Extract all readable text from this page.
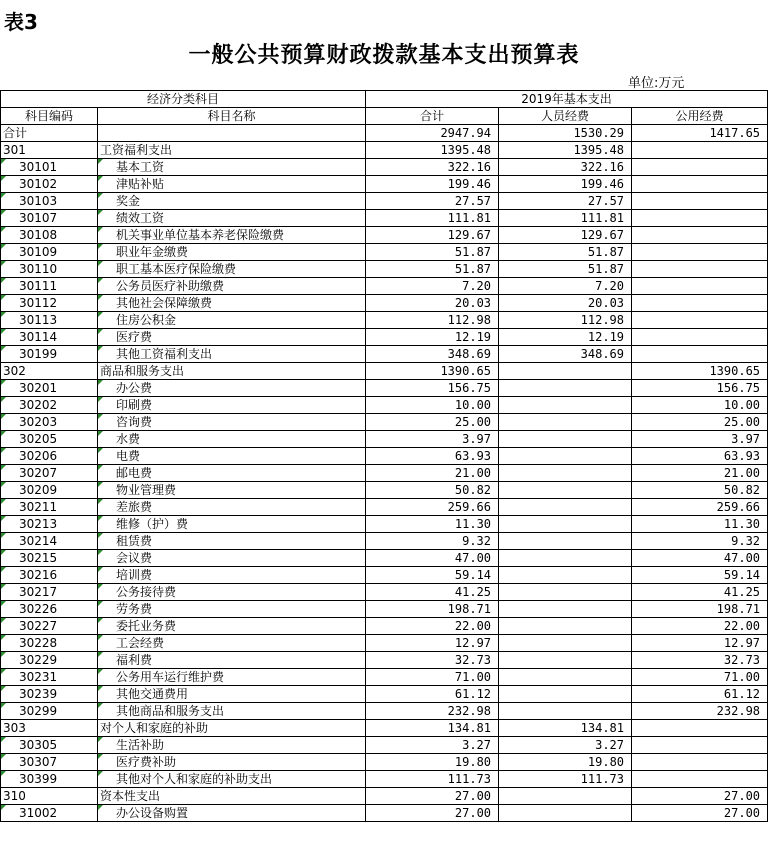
表3
一般公共预算财政拨款基本支出预算表
单位:万元
经济分类科目		2019年基本支出		
科目编码	科目名称	合计	人员经费	公用经费
合计		2947.94	1530.29	1417.65
301	工资福利支出	1395.48	1395.48	
30101	基本工资	322.16	322.16	
30102	津贴补贴	199.46	199.46	
30103	奖金	27.57	27.57	
30107	绩效工资	111.81	111.81	
30108	机关事业单位基本养老保险缴费	129.67	129.67	
30109	职业年金缴费	51.87	51.87	
30110	职工基本医疗保险缴费	51.87	51.87	
30111	公务员医疗补助缴费	7.20	7.20	
30112	其他社会保障缴费	20.03	20.03	
30113	住房公积金	112.98	112.98	
30114	医疗费	12.19	12.19	
30199	其他工资福利支出	348.69	348.69	
302	商品和服务支出	1390.65		1390.65
30201	办公费	156.75		156.75
30202	印刷费	10.00		10.00
30203	咨询费	25.00		25.00
30205	水费	3.97		3.97
30206	电费	63.93		63.93
30207	邮电费	21.00		21.00
30209	物业管理费	50.82		50.82
30211	差旅费	259.66		259.66
30213	维修（护）费	11.30		11.30
30214	租赁费	9.32		9.32
30215	会议费	47.00		47.00
30216	培训费	59.14		59.14
30217	公务接待费	41.25		41.25
30226	劳务费	198.71		198.71
30227	委托业务费	22.00		22.00
30228	工会经费	12.97		12.97
30229	福利费	32.73		32.73
30231	公务用车运行维护费	71.00		71.00
30239	其他交通费用	61.12		61.12
30299	其他商品和服务支出	232.98		232.98
303	对个人和家庭的补助	134.81	134.81	
30305	生活补助	3.27	3.27	
30307	医疗费补助	19.80	19.80	
30399	其他对个人和家庭的补助支出	111.73	111.73	
310	资本性支出	27.00		27.00
31002	办公设备购置	27.00		27.00
